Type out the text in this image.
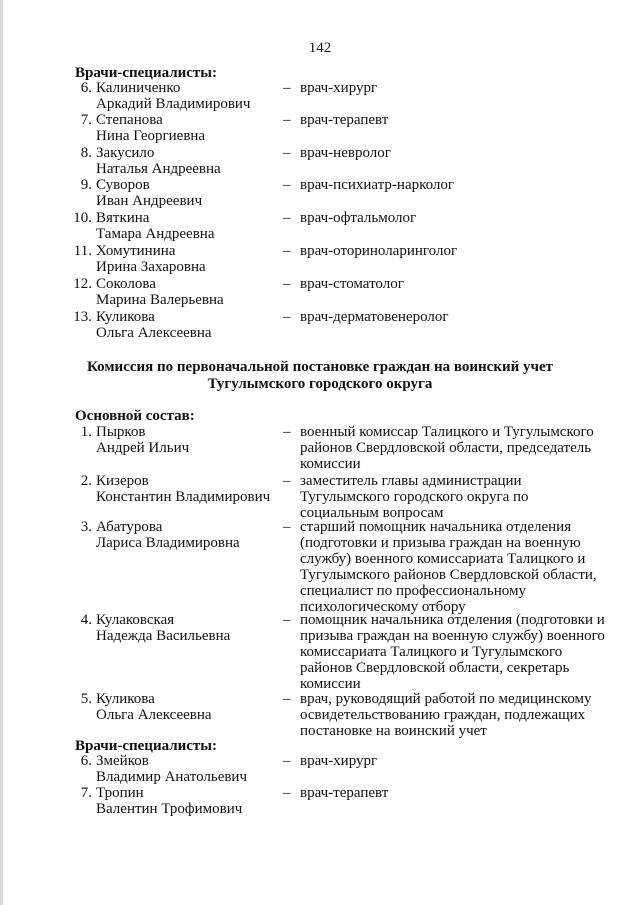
142
Врачи-специалисты:
6. Калиниченко
Аркадий Владимирович
– врач-хирург
7. Степанова
Нина Георгиевна
– врач-терапевт
8. Закусило
Наталья Андреевна
– врач-невролог
9. Суворов
Иван Андреевич
– врач-психиатр-нарколог
10. Вяткина
Тамара Андреевна
– врач-офтальмолог
11. Хомутинина
Ирина Захаровна
– врач-оториноларинголог
12. Соколова
Марина Валерьевна
– врач-стоматолог
13. Куликова
Ольга Алексеевна
– врач-дерматовенеролог
Комиссия по первоначальной постановке граждан на воинский учет
Тугулымского городского округа
Основной состав:
1. Пырков
Андрей Ильич
– военный комиссар Талицкого и Тугулымского районов Свердловской области, председатель комиссии
2. Кизеров
Константин Владимирович
– заместитель главы администрации Тугулымского городского округа по социальным вопросам
3. Абатурова
Лариса Владимировна
– старший помощник начальника отделения (подготовки и призыва граждан на военную службу) военного комиссариата Талицкого и Тугулымского районов Свердловской области, специалист по профессиональному психологическому отбору
4. Кулаковская
Надежда Васильевна
– помощник начальника отделения (подготовки и призыва граждан на военную службу) военного комиссариата Талицкого и Тугулымского районов Свердловской области, секретарь комиссии
5. Куликова
Ольга Алексеевна
– врач, руководящий работой по медицинскому освидетельствованию граждан, подлежащих постановке на воинский учет
Врачи-специалисты:
6. Змейков
Владимир Анатольевич
– врач-хирург
7. Тропин
Валентин Трофимович
– врач-терапевт
